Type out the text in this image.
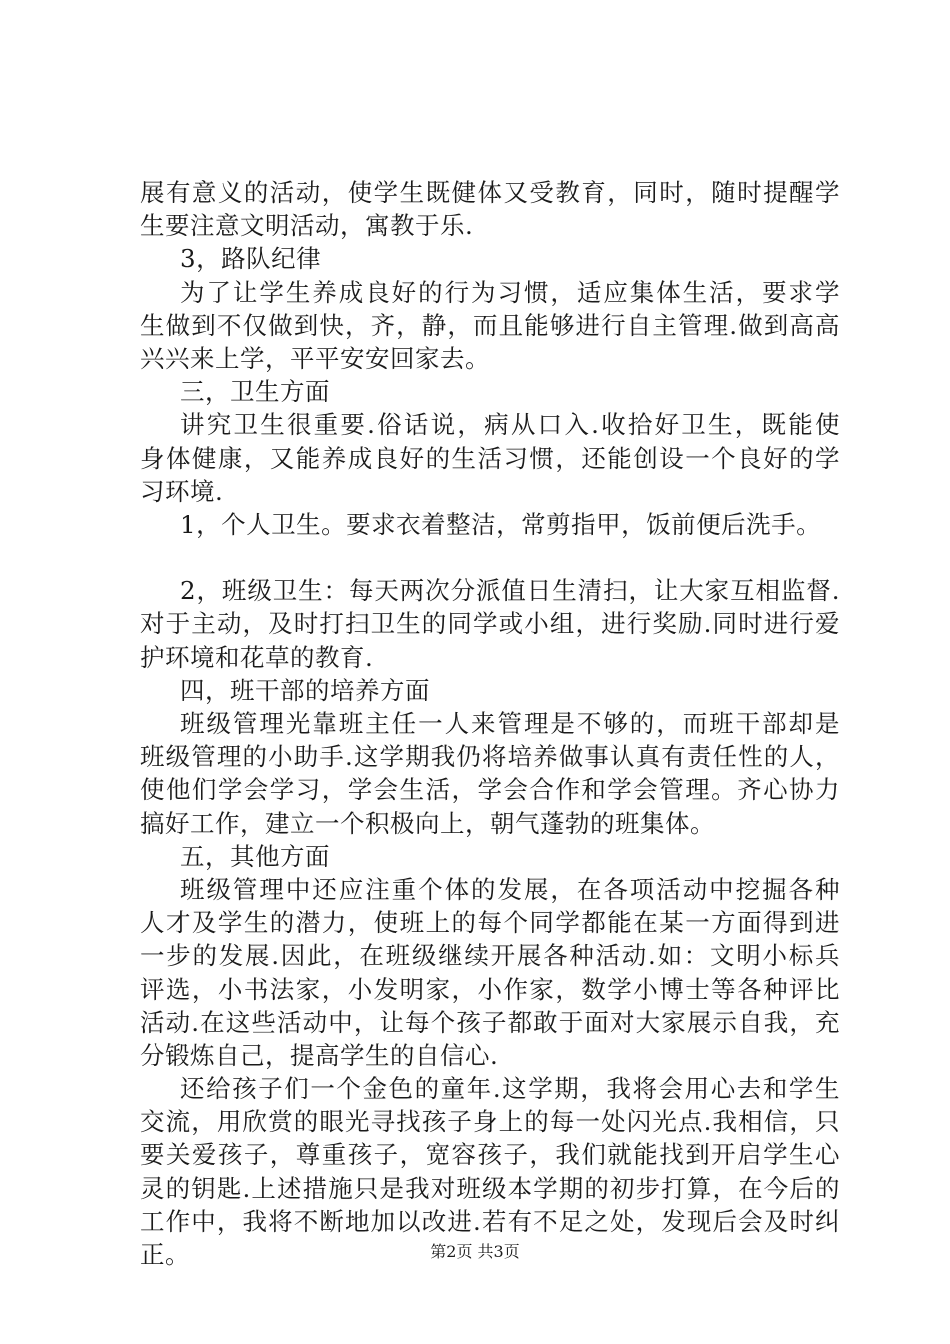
展有意义的活动，使学生既健体又受教育，同时，随时提醒学
生要注意文明活动，寓教于乐.
3，路队纪律
为了让学生养成良好的行为习惯，适应集体生活，要求学
生做到不仅做到快，齐，静，而且能够进行自主管理.做到高高
兴兴来上学，平平安安回家去。
三，卫生方面
讲究卫生很重要.俗话说，病从口入.收拾好卫生，既能使
身体健康，又能养成良好的生活习惯，还能创设一个良好的学
习环境.
1，个人卫生。要求衣着整洁，常剪指甲，饭前便后洗手。
2，班级卫生：每天两次分派值日生清扫，让大家互相监督.
对于主动，及时打扫卫生的同学或小组，进行奖励.同时进行爱
护环境和花草的教育.
四，班干部的培养方面
班级管理光靠班主任一人来管理是不够的，而班干部却是
班级管理的小助手.这学期我仍将培养做事认真有责任性的人，
使他们学会学习，学会生活，学会合作和学会管理。齐心协力
搞好工作，建立一个积极向上，朝气蓬勃的班集体。
五，其他方面
班级管理中还应注重个体的发展，在各项活动中挖掘各种
人才及学生的潜力，使班上的每个同学都能在某一方面得到进
一步的发展.因此，在班级继续开展各种活动.如：文明小标兵
评选，小书法家，小发明家，小作家，数学小博士等各种评比
活动.在这些活动中，让每个孩子都敢于面对大家展示自我，充
分锻炼自己，提高学生的自信心.
还给孩子们一个金色的童年.这学期，我将会用心去和学生
交流，用欣赏的眼光寻找孩子身上的每一处闪光点.我相信，只
要关爱孩子，尊重孩子，宽容孩子，我们就能找到开启学生心
灵的钥匙.上述措施只是我对班级本学期的初步打算，在今后的
工作中，我将不断地加以改进.若有不足之处，发现后会及时纠
正。	第2页 共3页
